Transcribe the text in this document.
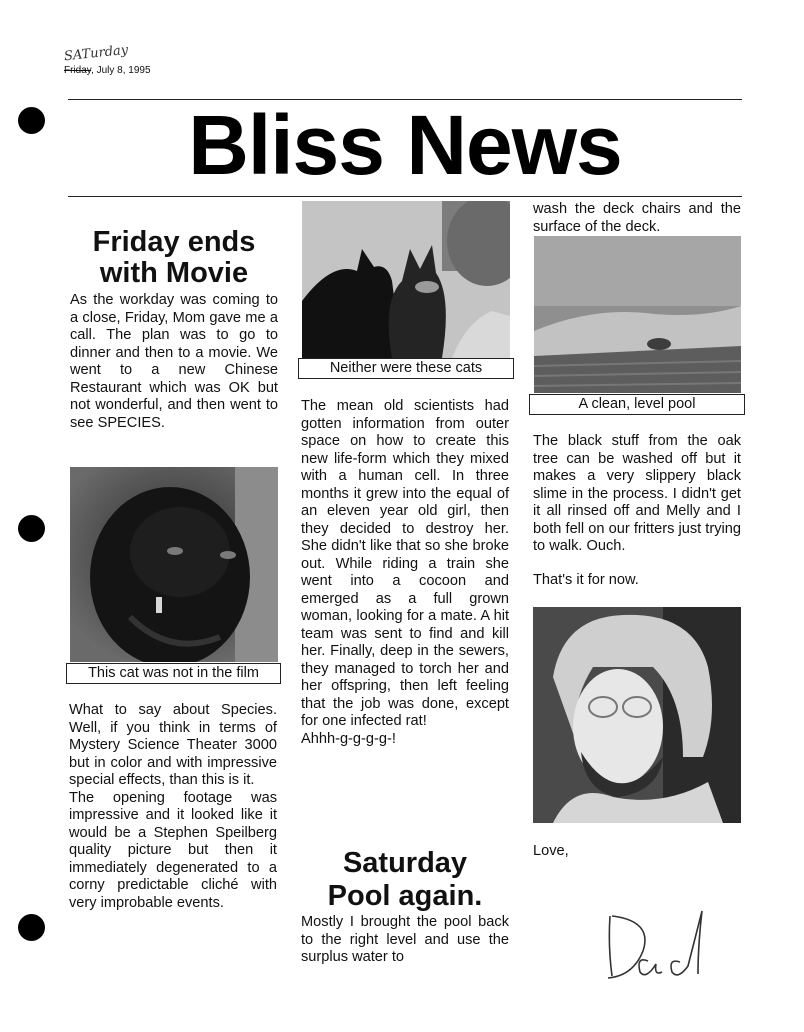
SATurday
Friday, July 8, 1995
Bliss News
Friday ends
with Movie

As the workday was coming to a close, Friday, Mom gave me a call. The plan was to go to dinner and then to a movie. We went to a new Chinese Restaurant which was OK but not wonderful, and then went to see SPECIES.

This cat was not in the film

What to say about Species. Well, if you think in terms of Mystery Science Theater 3000 but in color and with impressive special effects, than this is it.

The opening footage was impressive and it looked like it would be a Stephen Speilberg quality picture but then it immediately degenerated to a corny predictable cliché with very improbable events.

Neither were these cats

The mean old scientists had gotten information from outer space on how to create this new life-form which they mixed with a human cell. In three months it grew into the equal of an eleven year old girl, then they decided to destroy her. She didn't like that so she broke out. While riding a train she went into a cocoon and emerged as a full grown woman, looking for a mate. A hit team was sent to find and kill her. Finally, deep in the sewers, they managed to torch her and her offspring, then left feeling that the job was done, except for one infected rat!

Ahhh-g-g-g-g-!

Saturday
Pool again.

Mostly I brought the pool back to the right level and use the surplus water to

wash the deck chairs and the surface of the deck.

A clean, level pool

The black stuff from the oak tree can be washed off but it makes a very slippery black slime in the process. I didn't get it all rinsed off and Melly and I both fell on our fritters just trying to walk. Ouch.

That's it for now.

Love,
